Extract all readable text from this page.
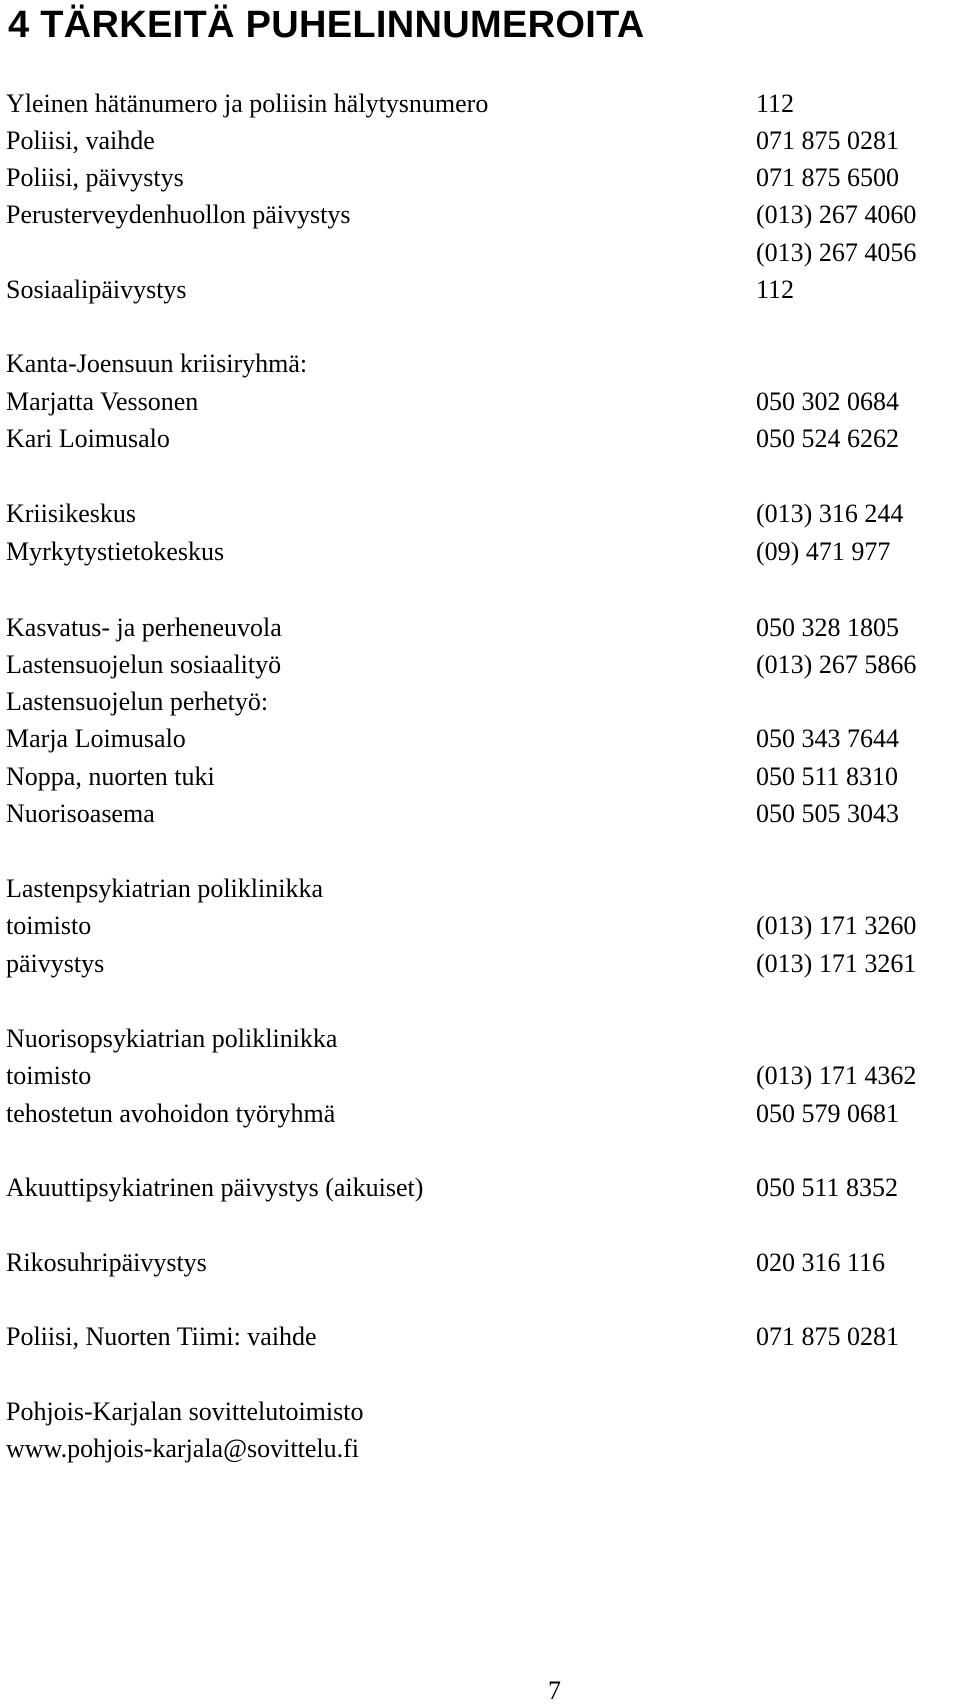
4 TÄRKEITÄ PUHELINNUMEROITA
Yleinen hätänumero ja poliisin hälytysnumero	112
Poliisi, vaihde	071 875 0281
Poliisi, päivystys	071 875 6500
Perusterveydenhuollon päivystys	(013) 267 4060
(013) 267 4056
Sosiaalipäivystys	112
Kanta-Joensuun kriisiryhmä:
Marjatta Vessonen	050 302 0684
Kari Loimusalo	050 524 6262
Kriisikeskus	(013) 316 244
Myrkytystietokeskus	(09) 471 977
Kasvatus- ja perheneuvola	050 328 1805
Lastensuojelun sosiaalityö	(013) 267 5866
Lastensuojelun perhetyö:
Marja Loimusalo	050 343 7644
Noppa, nuorten tuki	050 511 8310
Nuorisoasema	050 505 3043
Lastenpsykiatrian poliklinikka
toimisto	(013) 171 3260
päivystys	(013) 171 3261
Nuorisopsykiatrian poliklinikka
toimisto	(013) 171 4362
tehostetun avohoidon työryhmä	050 579 0681
Akuuttipsykiatrinen päivystys (aikuiset)	050 511 8352
Rikosuhripäivystys	020 316 116
Poliisi, Nuorten Tiimi: vaihde	071 875 0281
Pohjois-Karjalan sovittelutoimisto
www.pohjois-karjala@sovittelu.fi
7
